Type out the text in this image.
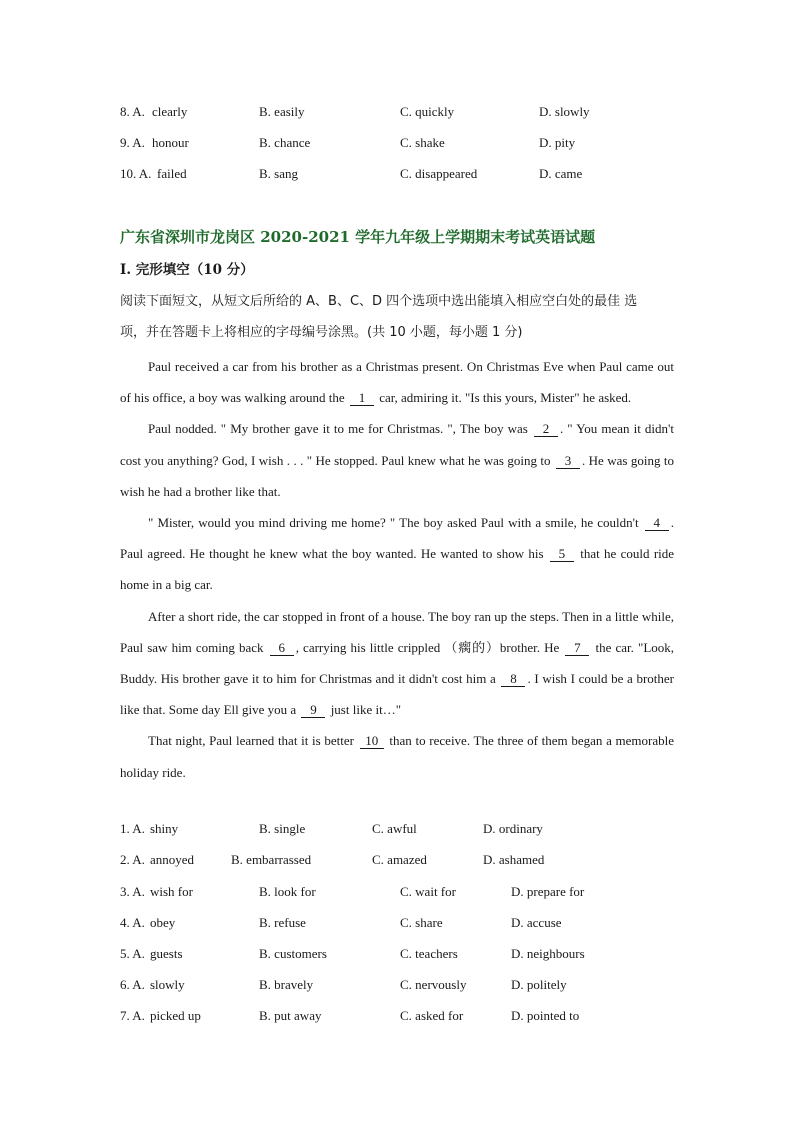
8. A. clearly	B. easily	C. quickly	D. slowly
9. A. honour	B. chance	C. shake	D. pity
10. A. failed	B. sang	C. disappeared	D. came
广东省深圳市龙岗区 2020-2021 学年九年级上学期期末考试英语试题
I. 完形填空（10 分）
阅读下面短文，从短文后所给的 A、B、C、D 四个选项中选出能填入相应空白处的最佳 选
项，并在答题卡上将相应的字母编号涂黑。(共 10 小题，每小题 1 分)

Paul received a car from his brother as a Christmas present. On Christmas Eve when Paul came out of his office, a boy was walking around the 1 car, admiring it. "Is this yours, Mister" he asked.

Paul nodded. " My brother gave it to me for Christmas. ", The boy was 2 . " You mean it didn't cost you anything? God, I wish . . . " He stopped. Paul knew what he was going to 3 . He was going to wish he had a brother like that.

" Mister, would you mind driving me home? " The boy asked Paul with a smile, he couldn't 4 . Paul agreed. He thought he knew what the boy wanted. He wanted to show his 5 that he could ride home in a big car.

After a short ride, the car stopped in front of a house. The boy ran up the steps. Then in a little while, Paul saw him coming back 6 , carrying his little crippled （瘸的）brother. He 7 the car. "Look, Buddy. His brother gave it to him for Christmas and it didn't cost him a 8 . I wish I could be a brother like that. Some day Ell give you a 9 just like it…"

That night, Paul learned that it is better 10 than to receive. The three of them began a memorable holiday ride.

1. A. shiny	B. single	C. awful	D. ordinary
2. A. annoyed	B. embarrassed	C. amazed	D. ashamed
3. A. wish for	B. look for	C. wait for	D. prepare for
4. A. obey	B. refuse	C. share	D. accuse
5. A. guests	B. customers	C. teachers	D. neighbours
6. A. slowly	B. bravely	C. nervously	D. politely
7. A. picked up	B. put away	C. asked for	D. pointed to
